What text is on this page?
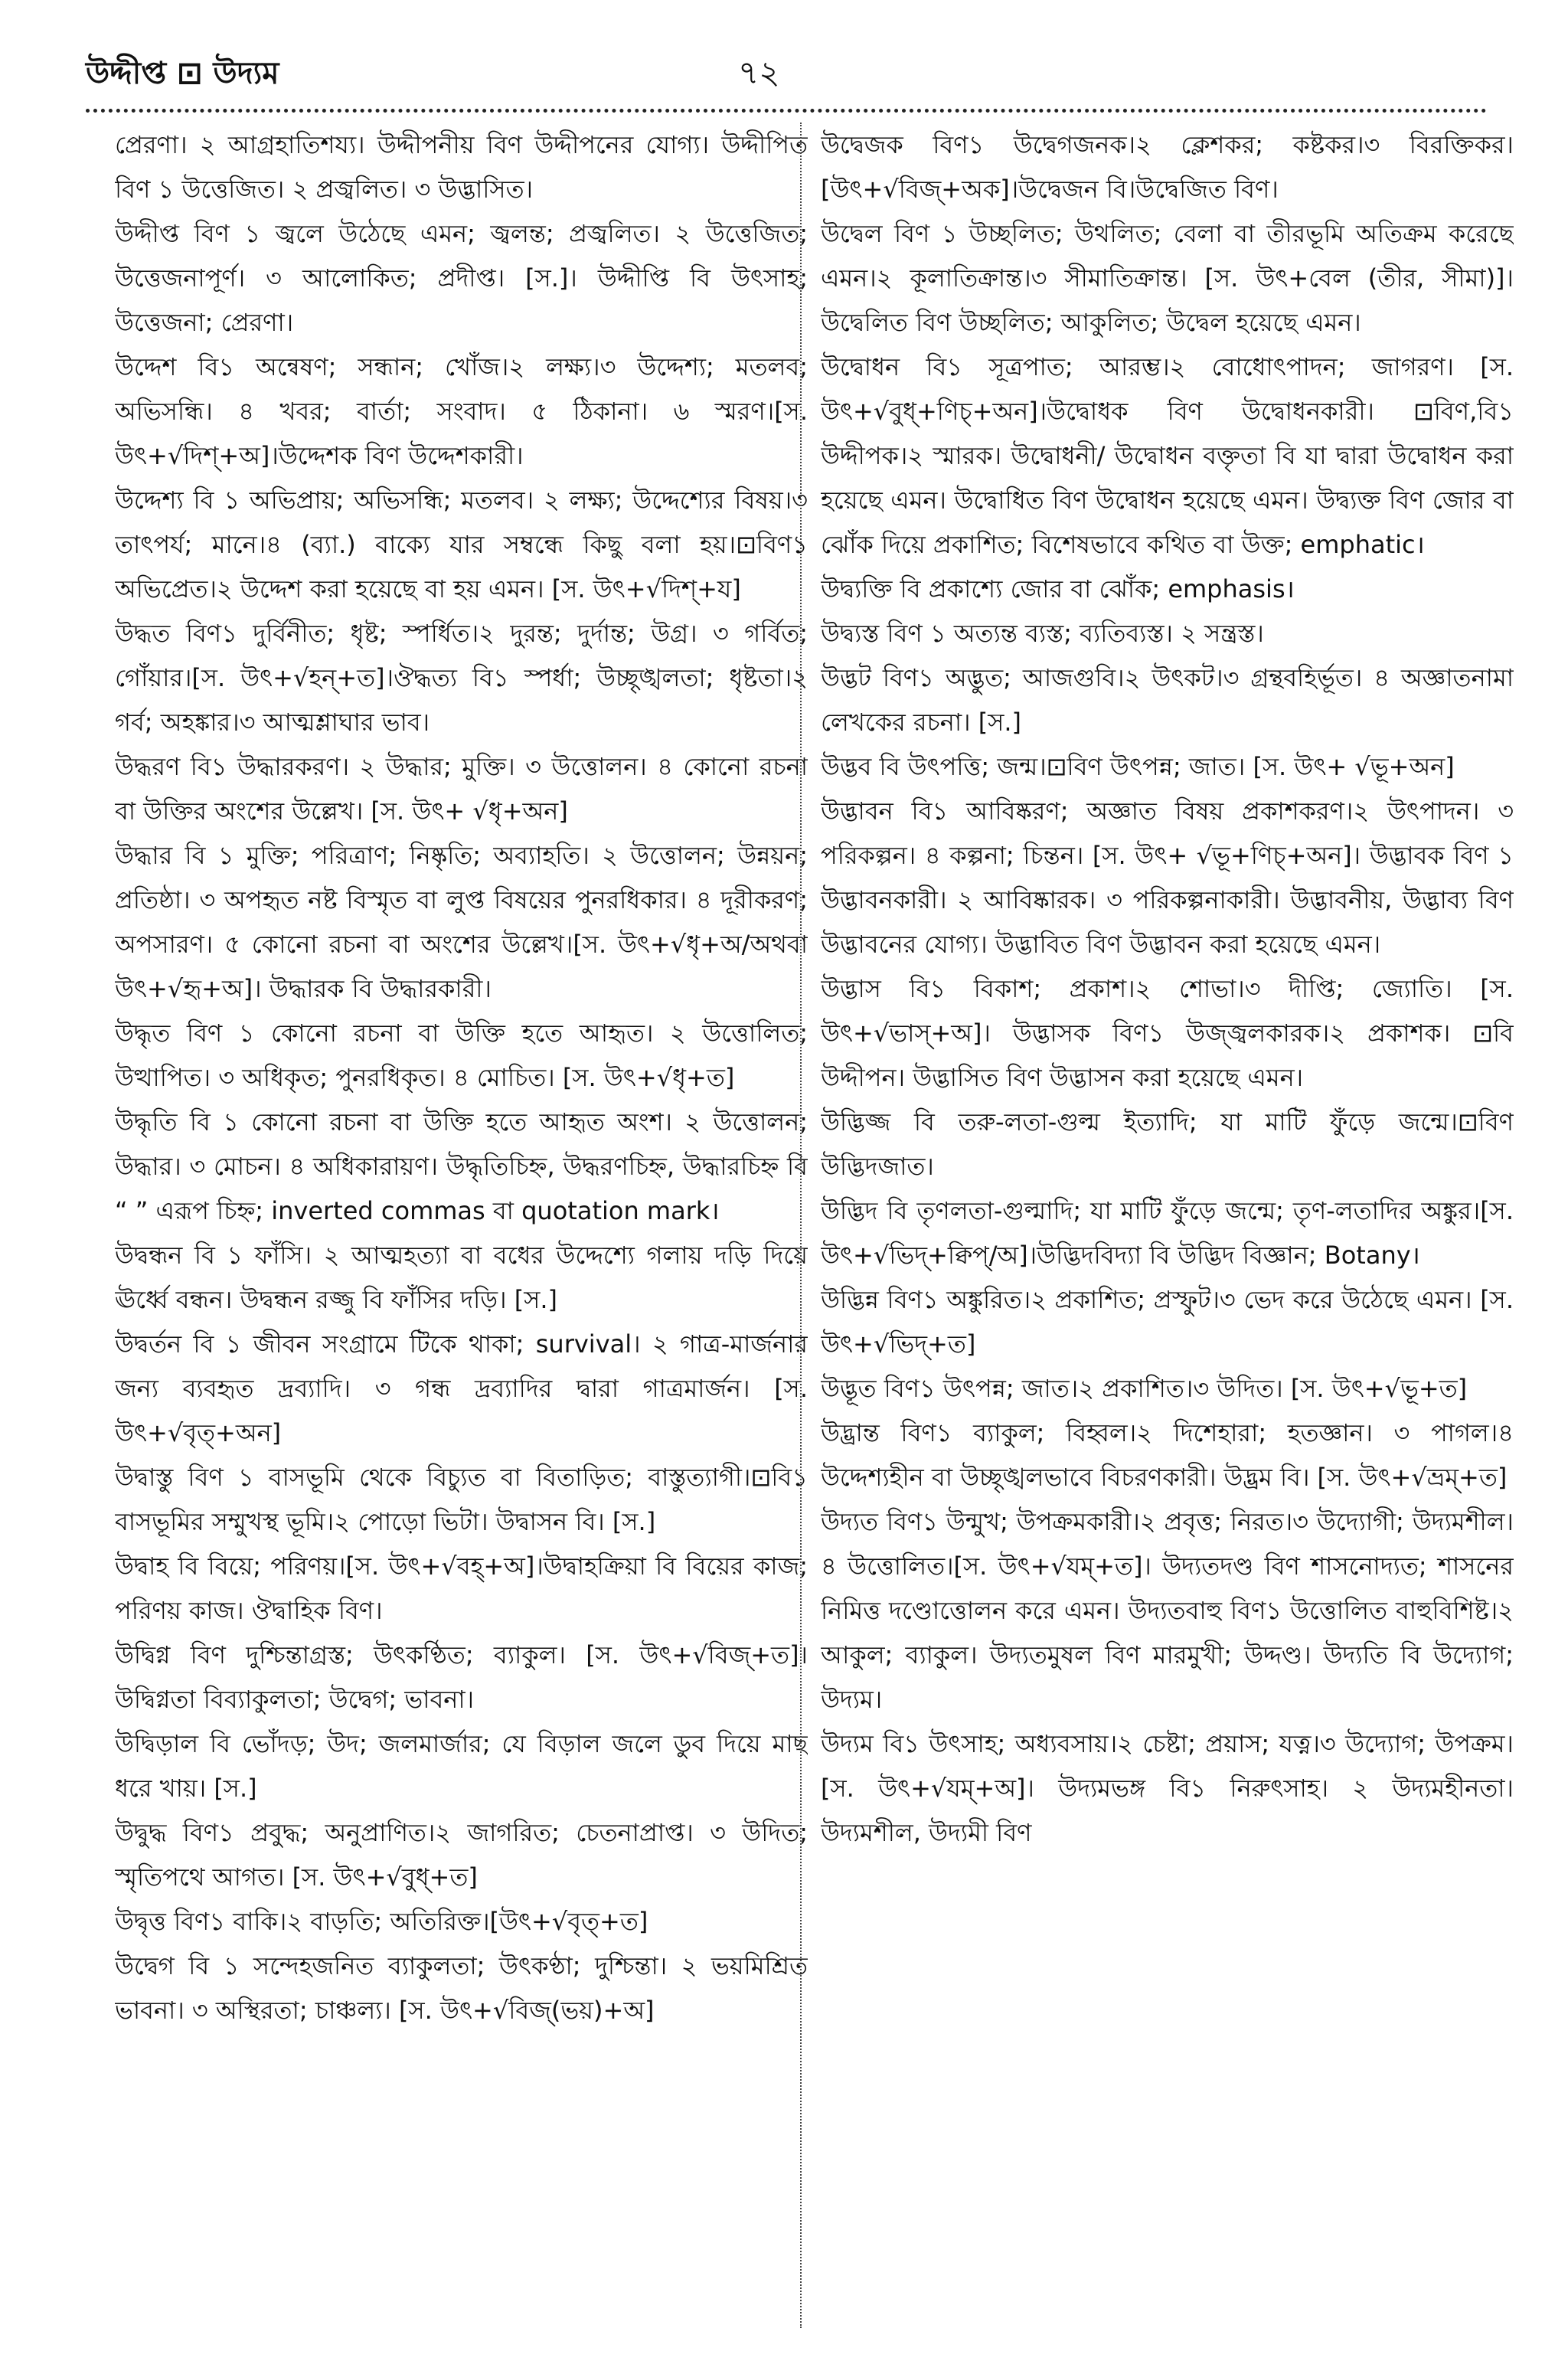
উদ্দীপ্ত ⊡ উদ্যম	৭২

প্রেরণা। ২ আগ্রহাতিশয্য। উদ্দীপনীয় বিণ উদ্দীপনের যোগ্য। উদ্দীপিত বিণ ১ উত্তেজিত। ২ প্রজ্বলিত। ৩ উদ্ভাসিত।

উদ্দীপ্ত বিণ ১ জ্বলে উঠেছে এমন; জ্বলন্ত; প্রজ্বলিত। ২ উত্তেজিত; উত্তেজনাপূর্ণ। ৩ আলোকিত; প্রদীপ্ত। [স.]। উদ্দীপ্তি বি উৎসাহ; উত্তেজনা; প্রেরণা।

উদ্দেশ বি১ অন্বেষণ; সন্ধান; খোঁজ।২ লক্ষ্য।৩ উদ্দেশ্য; মতলব; অভিসন্ধি। ৪ খবর; বার্তা; সংবাদ। ৫ ঠিকানা। ৬ স্মরণ।[স. উৎ+√দিশ্+অ]।উদ্দেশক বিণ উদ্দেশকারী।

উদ্দেশ্য বি ১ অভিপ্রায়; অভিসন্ধি; মতলব। ২ লক্ষ্য; উদ্দেশ্যের বিষয়।৩ তাৎপর্য; মানে।৪ (ব্যা.) বাক্যে যার সম্বন্ধে কিছু বলা হয়।⊡বিণ১ অভিপ্রেত।২ উদ্দেশ করা হয়েছে বা হয় এমন। [স. উৎ+√দিশ্+য]

উদ্ধত বিণ১ দুর্বিনীত; ধৃষ্ট; স্পর্ধিত।২ দুরন্ত; দুর্দান্ত; উগ্র। ৩ গর্বিত; গোঁয়ার।[স. উৎ+√হন্+ত]।ঔদ্ধত্য বি১ স্পর্ধা; উচ্ছৃঙ্খলতা; ধৃষ্টতা।২ গর্ব; অহঙ্কার।৩ আত্মশ্লাঘার ভাব।

উদ্ধরণ বি১ উদ্ধারকরণ। ২ উদ্ধার; মুক্তি। ৩ উত্তোলন। ৪ কোনো রচনা বা উক্তির অংশের উল্লেখ। [স. উৎ+ √ধৃ+অন]

উদ্ধার বি ১ মুক্তি; পরিত্রাণ; নিষ্কৃতি; অব্যাহতি। ২ উত্তোলন; উন্নয়ন; প্রতিষ্ঠা। ৩ অপহৃত নষ্ট বিস্মৃত বা লুপ্ত বিষয়ের পুনরধিকার। ৪ দূরীকরণ; অপসারণ। ৫ কোনো রচনা বা অংশের উল্লেখ।[স. উৎ+√ধৃ+অ/অথবা উৎ+√হৃ+অ]। উদ্ধারক বি উদ্ধারকারী।

উদ্ধৃত বিণ ১ কোনো রচনা বা উক্তি হতে আহৃত। ২ উত্তোলিত; উত্থাপিত। ৩ অধিকৃত; পুনরধিকৃত। ৪ মোচিত। [স. উৎ+√ধৃ+ত]

উদ্ধৃতি বি ১ কোনো রচনা বা উক্তি হতে আহৃত অংশ। ২ উত্তোলন; উদ্ধার। ৩ মোচন। ৪ অধিকারায়ণ। উদ্ধৃতিচিহ্ন, উদ্ধরণচিহ্ন, উদ্ধারচিহ্ন বি “ ” এরূপ চিহ্ন; inverted commas বা quotation mark।

উদ্বন্ধন বি ১ ফাঁসি। ২ আত্মহত্যা বা বধের উদ্দেশ্যে গলায় দড়ি দিয়ে ঊর্ধ্বে বন্ধন। উদ্বন্ধন রজ্জু বি ফাঁসির দড়ি। [স.]

উদ্বর্তন বি ১ জীবন সংগ্রামে টিকে থাকা; survival। ২ গাত্র-মার্জনার জন্য ব্যবহৃত দ্রব্যাদি। ৩ গন্ধ দ্রব্যাদির দ্বারা গাত্রমার্জন। [স. উৎ+√বৃত্+অন]

উদ্বাস্তু বিণ ১ বাসভূমি থেকে বিচ্যুত বা বিতাড়িত; বাস্তুত্যাগী।⊡বি১ বাসভূমির সম্মুখস্থ ভূমি।২ পোড়ো ভিটা। উদ্বাসন বি। [স.]

উদ্বাহ বি বিয়ে; পরিণয়।[স. উৎ+√বহ্+অ]।উদ্বাহক্রিয়া বি বিয়ের কাজ; পরিণয় কাজ। ঔদ্বাহিক বিণ।

উদ্বিগ্ন বিণ দুশ্চিন্তাগ্রস্ত; উৎকণ্ঠিত; ব্যাকুল। [স. উৎ+√বিজ্+ত]।উদ্বিগ্নতা বিব্যাকুলতা; উদ্বেগ; ভাবনা।

উদ্বিড়াল বি ভোঁদড়; উদ; জলমার্জার; যে বিড়াল জলে ডুব দিয়ে মাছ ধরে খায়। [স.]

উদ্বুদ্ধ বিণ১ প্রবুদ্ধ; অনুপ্রাণিত।২ জাগরিত; চেতনাপ্রাপ্ত। ৩ উদিত; স্মৃতিপথে আগত। [স. উৎ+√বুধ্+ত]

উদ্বৃত্ত বিণ১ বাকি।২ বাড়তি; অতিরিক্ত।[উৎ+√বৃত্+ত]

উদ্বেগ বি ১ সন্দেহজনিত ব্যাকুলতা; উৎকণ্ঠা; দুশ্চিন্তা। ২ ভয়মিশ্রিত ভাবনা। ৩ অস্থিরতা; চাঞ্চল্য। [স. উৎ+√বিজ্(ভয়)+অ]

উদ্বেজক বিণ১ উদ্বেগজনক।২ ক্লেশকর; কষ্টকর।৩ বিরক্তিকর।[উৎ+√বিজ্+অক]।উদ্বেজন বি।উদ্বেজিত বিণ।

উদ্বেল বিণ ১ উচ্ছলিত; উথলিত; বেলা বা তীরভূমি অতিক্রম করেছে এমন।২ কূলাতিক্রান্ত।৩ সীমাতিক্রান্ত। [স. উৎ+বেল (তীর, সীমা)]। উদ্বেলিত বিণ উচ্ছলিত; আকুলিত; উদ্বেল হয়েছে এমন।

উদ্বোধন বি১ সূত্রপাত; আরম্ভ।২ বোধোৎপাদন; জাগরণ। [স. উৎ+√বুধ্+ণিচ্+অন]।উদ্বোধক বিণ উদ্বোধনকারী। ⊡বিণ,বি১ উদ্দীপক।২ স্মারক। উদ্বোধনী/ উদ্বোধন বক্তৃতা বি যা দ্বারা উদ্বোধন করা হয়েছে এমন। উদ্বোধিত বিণ উদ্বোধন হয়েছে এমন। উদ্ব্যক্ত বিণ জোর বা ঝোঁক দিয়ে প্রকাশিত; বিশেষভাবে কথিত বা উক্ত; emphatic।

উদ্ব্যক্তি বি প্রকাশ্যে জোর বা ঝোঁক; emphasis।

উদ্ব্যস্ত বিণ ১ অত্যন্ত ব্যস্ত; ব্যতিব্যস্ত। ২ সন্ত্রস্ত।

উদ্ভট বিণ১ অদ্ভুত; আজগুবি।২ উৎকট।৩ গ্রন্থবহির্ভূত। ৪ অজ্ঞাতনামা লেখকের রচনা। [স.]

উদ্ভব বি উৎপত্তি; জন্ম।⊡বিণ উৎপন্ন; জাত। [স. উৎ+ √ভূ+অন]

উদ্ভাবন বি১ আবিষ্করণ; অজ্ঞাত বিষয় প্রকাশকরণ।২ উৎপাদন। ৩ পরিকল্পন। ৪ কল্পনা; চিন্তন। [স. উৎ+ √ভূ+ণিচ্+অন]। উদ্ভাবক বিণ ১ উদ্ভাবনকারী। ২ আবিষ্কারক। ৩ পরিকল্পনাকারী। উদ্ভাবনীয়, উদ্ভাব্য বিণ উদ্ভাবনের যোগ্য। উদ্ভাবিত বিণ উদ্ভাবন করা হয়েছে এমন।

উদ্ভাস বি১ বিকাশ; প্রকাশ।২ শোভা।৩ দীপ্তি; জ্যোতি। [স. উৎ+√ভাস্+অ]। উদ্ভাসক বিণ১ উজ্জ্বলকারক।২ প্রকাশক। ⊡বি উদ্দীপন। উদ্ভাসিত বিণ উদ্ভাসন করা হয়েছে এমন।

উদ্ভিজ্জ বি তরু-লতা-গুল্ম ইত্যাদি; যা মাটি ফুঁড়ে জন্মে।⊡বিণ উদ্ভিদজাত।

উদ্ভিদ বি তৃণলতা-গুল্মাদি; যা মাটি ফুঁড়ে জন্মে; তৃণ-লতাদির অঙ্কুর।[স. উৎ+√ভিদ্+ক্বিপ্/অ]।উদ্ভিদবিদ্যা বি উদ্ভিদ বিজ্ঞান; Botany।

উদ্ভিন্ন বিণ১ অঙ্কুরিত।২ প্রকাশিত; প্রস্ফুট।৩ ভেদ করে উঠেছে এমন। [স. উৎ+√ভিদ্+ত]

উদ্ভূত বিণ১ উৎপন্ন; জাত।২ প্রকাশিত।৩ উদিত। [স. উৎ+√ভূ+ত]

উদ্ভ্রান্ত বিণ১ ব্যাকুল; বিহ্বল।২ দিশেহারা; হতজ্ঞান। ৩ পাগল।৪ উদ্দেশ্যহীন বা উচ্ছৃঙ্খলভাবে বিচরণকারী। উদ্ভ্রম বি। [স. উৎ+√ভ্রম্+ত]

উদ্যত বিণ১ উন্মুখ; উপক্রমকারী।২ প্রবৃত্ত; নিরত।৩ উদ্যোগী; উদ্যমশীল।৪ উত্তোলিত।[স. উৎ+√যম্+ত]। উদ্যতদণ্ড বিণ শাসনোদ্যত; শাসনের নিমিত্ত দণ্ডোত্তোলন করে এমন। উদ্যতবাহু বিণ১ উত্তোলিত বাহুবিশিষ্ট।২ আকুল; ব্যাকুল। উদ্যতমুষল বিণ মারমুখী; উদ্দণ্ড। উদ্যতি বি উদ্যোগ; উদ্যম।

উদ্যম বি১ উৎসাহ; অধ্যবসায়।২ চেষ্টা; প্রয়াস; যত্ন।৩ উদ্যোগ; উপক্রম। [স. উৎ+√যম্+অ]। উদ্যমভঙ্গ বি১ নিরুৎসাহ। ২ উদ্যমহীনতা। উদ্যমশীল, উদ্যমী বিণ
